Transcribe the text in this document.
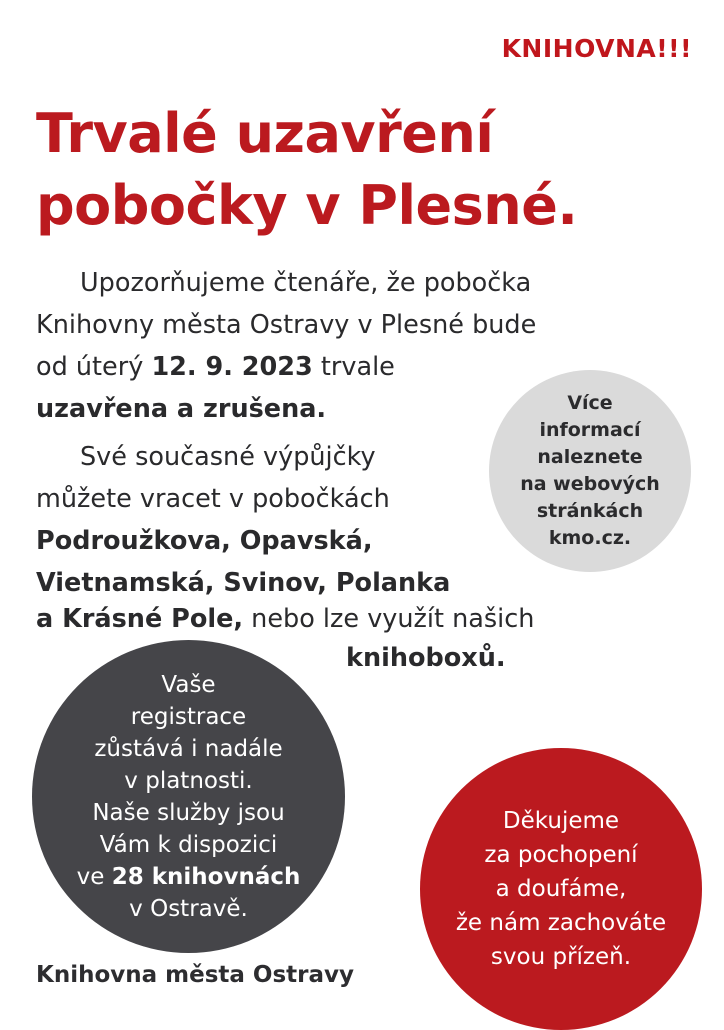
KNIHOVNA!!!
Trvalé uzavření
pobočky v Plesné.
Upozorňujeme čtenáře, že pobočka
Knihovny města Ostravy v Plesné bude
od úterý 12. 9. 2023 trvale
uzavřena a zrušena.
Své současné výpůjčky
můžete vracet v pobočkách
Podroužkova, Opavská,
Vietnamská, Svinov, Polanka
a Krásné Pole, nebo lze využít našich
knihoboxů.
Více
informací
naleznete
na webových
stránkách
kmo.cz.
Vaše
registrace
zůstává i nadále
v platnosti.
Naše služby jsou
Vám k dispozici
ve 28 knihovnách
v Ostravě.
Děkujeme
za pochopení
a doufáme,
že nám zachováte
svou přízeň.
Knihovna města Ostravy
